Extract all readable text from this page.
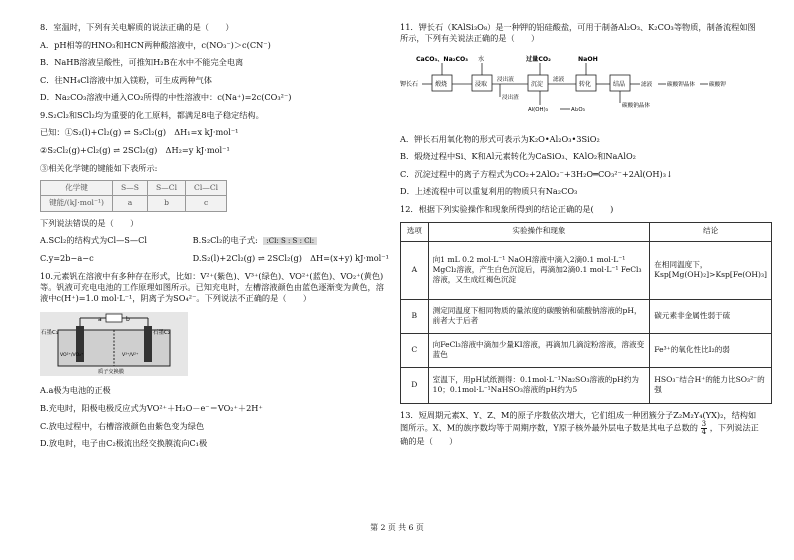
8．室温时，下列有关电解质的说法正确的是（　　）

A．pH相等的HNO₃和HCN两种酸溶液中，c(NO₃⁻)＞c(CN⁻)

B．NaHB溶液呈酸性，可推知H₂B在水中不能完全电离

C．往NH₄Cl溶液中加入镁粉，可生成两种气体

D．Na₂CO₃溶液中通入CO₂所得的中性溶液中：c(Na⁺)=2c(CO₃²⁻)

9.S₂Cl₂和SCl₂均为重要的化工原料，都满足8电子稳定结构。

已知：①S₂(l)+Cl₂(g) ⇌ S₂Cl₂(g)　ΔH₁=x kJ·mol⁻¹

②S₂Cl₂(g)+Cl₂(g) ⇌ 2SCl₂(g)　ΔH₂=y kJ·mol⁻¹

③相关化学键的键能如下表所示:

化学键	S—S	S—Cl	Cl—Cl
键能/(kJ·mol⁻¹)	a	b	c

下列说法错误的是（　　）

A.SCl₂的结构式为Cl—S—Cl	B.S₂Cl₂的电子式: :Cl: S : S : Cl:

C.y=2b−a−c	D.S₂(l)+2Cl₂(g) ⇌ 2SCl₂(g)　ΔH=(x+y) kJ·mol⁻¹

10.元素钒在溶液中有多种存在形式，比如：V²⁺(紫色)、V³⁺(绿色)、VO²⁺(蓝色)、VO₂⁺(黄色)等。钒液可充电电池的工作原理如图所示。已知充电时，左槽溶液颜色由蓝色逐渐变为黄色，溶液中c(H⁺)=1.0 mol·L⁻¹，阴离子为SO₄²⁻。下列说法不正确的是（　　）

a	b
石墨C₁	石墨C₂
VO²⁺/VO₂⁺	V³⁺/V²⁺
质子交换膜

A.a极为电池的正极

B.充电时，阳极电极反应式为VO²⁺＋H₂O－e⁻＝VO₂⁺＋2H⁺

C.放电过程中，右槽溶液颜色由紫色变为绿色

D.放电时，电子由C₂极流出经交换膜流向C₁极

11．钾长石（KAlSi₃O₈）是一种钾的铝硅酸盐，可用于制备Al₂O₃、K₂CO₃等物质，制备流程如图所示，下列有关说法正确的是（　　）

CaCO₃、Na₂CO₃ 水	过量CO₂	NaOH
钾长石	煅烧	浸取
浸出液
浸出渣
沉淀
滤液
Al(OH)₃	Al₂O₃
转化	结晶	滤液	碳酸钾晶体	碳酸钾
碳酸钠晶体

A．钾长石用氧化物的形式可表示为K₂O•Al₂O₃•3SiO₂

B．煅烧过程中Si、K和Al元素转化为CaSiO₃、KAlO₂和NaAlO₂

C．沉淀过程中的离子方程式为CO₂+2AlO₂⁻+3H₂O═CO₃²⁻+2Al(OH)₃↓

D．上述流程中可以重复利用的物质只有Na₂CO₃

12．根据下列实验操作和现象所得到的结论正确的是(　　)

选项	实验操作和现象	结论
A	向1 mL 0.2 mol·L⁻¹ NaOH溶液中滴入2滴0.1 mol·L⁻¹ MgCl₂溶液，产生白色沉淀后，再滴加2滴0.1 mol·L⁻¹ FeCl₃溶液，又生成红褐色沉淀	在相同温度下，Ksp[Mg(OH)₂]>Ksp[Fe(OH)₃]
B	测定同温度下相同物质的量浓度的碳酸钠和硫酸钠溶液的pH，前者大于后者	碳元素非金属性弱于硫
C	向FeCl₃溶液中滴加少量KI溶液，再滴加几滴淀粉溶液，溶液变蓝色	Fe³⁺的氧化性比I₂的弱
D	室温下，用pH试纸测得：0.1mol·L⁻¹Na₂SO₃溶液的pH约为10；0.1mol·L⁻¹NaHSO₃溶液的pH约为5	HSO₃⁻结合H⁺的能力比SO₃²⁻的强

13．短周期元素X、Y、Z、M的原子序数依次增大，它们组成一种团簇分子Z₂M₂Y₄(YX)₂，结构如图所示。X、M的族序数均等于周期序数，Y原子核外最外层电子数是其电子总数的 $\frac{3}{4}$ ，下列说法正确的是（　　）

第 2 页 共 6 页
